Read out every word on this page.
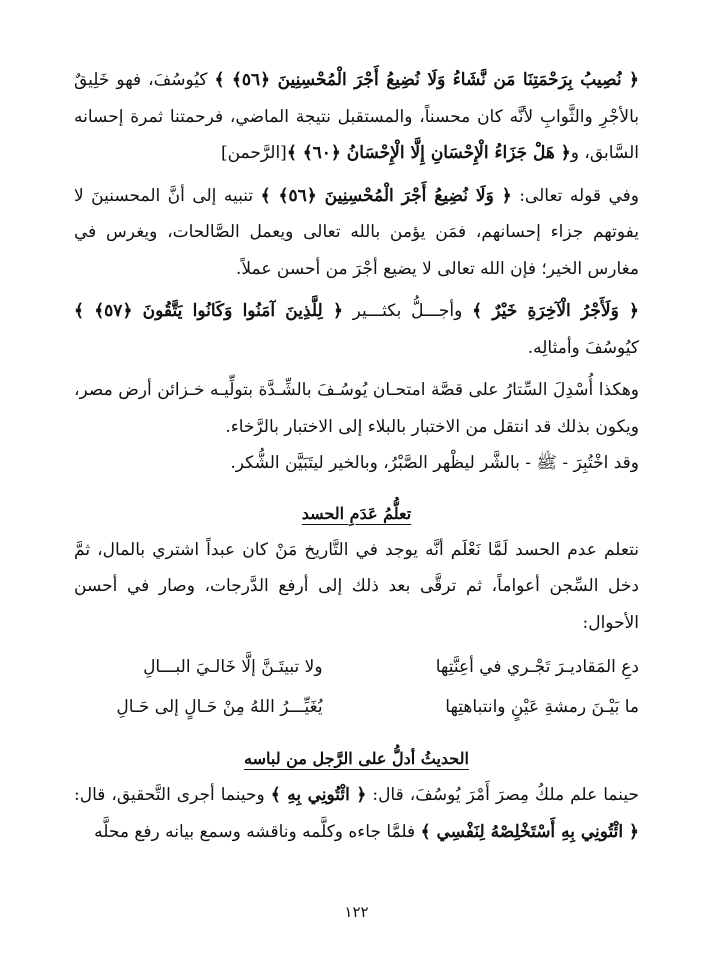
﴿ نُصِيبُ بِرَحْمَتِنَا مَن نَّشَاءُ وَلَا نُضِيعُ أَجْرَ الْمُحْسِنِينَ ﴿٥٦﴾ ﴾ كيُوسُفَ، فهو خَلِيقٌ بالأجْرِ والثَّوابِ لأنَّه كان محسناً، والمستقبل نتيجة الماضي، فرحمتنا ثمرة إحسانه السَّابق، و﴿ هَلْ جَزَاءُ الْإِحْسَانِ إِلَّا الْإِحْسَانُ ﴿٦٠﴾ ﴾[الرَّحمن]

وفي قوله تعالى: ﴿ وَلَا نُضِيعُ أَجْرَ الْمُحْسِنِينَ ﴿٥٦﴾ ﴾ تنبيه إلى أنَّ المحسنينَ لا يفوتهم جزاء إحسانهم، فمَن يؤمن بالله تعالى ويعمل الصَّالحات، ويغرس في مغارس الخير؛ فإن الله تعالى لا يضيع أجْرَ من أحسن عملاً.

﴿ وَلَأَجْرُ الْآخِرَةِ خَيْرٌ ﴾ وأجـــلُّ بكثـــير ﴿ لِلَّذِينَ آمَنُوا وَكَانُوا يَتَّقُونَ ﴿٥٧﴾ ﴾ كيُوسُفَ وأمثالِه.

وهكذا أُسْدِلَ السِّتارُ على قصَّة امتحـان يُوسُـفَ بالشِّـدَّة بتولِّيـه خـزائن أرض مصر، ويكون بذلك قد انتقل من الاختبار بالبلاء إلى الاختبار بالرَّخاء.

وقد اخْتُبِرَ - ﷺ - بالشَّر ليظْهر الصَّبْرُ، وبالخير ليتَبَيَّن الشُّكر.

تعلُّمُ عَدَمِ الحسد

نتعلم عدم الحسد لَمَّا نَعْلَم أنَّه يوجد في التَّاريخ مَنْ كان عبداً اشتري بالمال، ثمَّ دخل السِّجن أعواماً، ثم ترقَّى بعد ذلك إلى أرفع الدَّرجات، وصار في أحسن الأحوال:

دعِ المَقاديـرَ تَجْـري في أعِنَّتِها
ولا تبيتَـنَّ إلَّا خَالـيَ البـــالِ
ما بَيْـنَ رمشةِ عَيْنٍ وانتباهتِها
يُغَيِّـــرُ اللهُ مِنْ حَـالٍ إلى حَـالِ

الحديثُ أدلُّ على الرَّجل من لباسه

حينما علم ملكُ مِصرَ أَمْرَ يُوسُفَ، قال: ﴿ ائْتُونِي بِهِ ﴾ وحينما أجرى التَّحقيق، قال: ﴿ ائْتُونِي بِهِ أَسْتَخْلِصْهُ لِنَفْسِي ﴾ فلمَّا جاءه وكلَّمه وناقشه وسمع بيانه رفع محلَّه

١٢٢
